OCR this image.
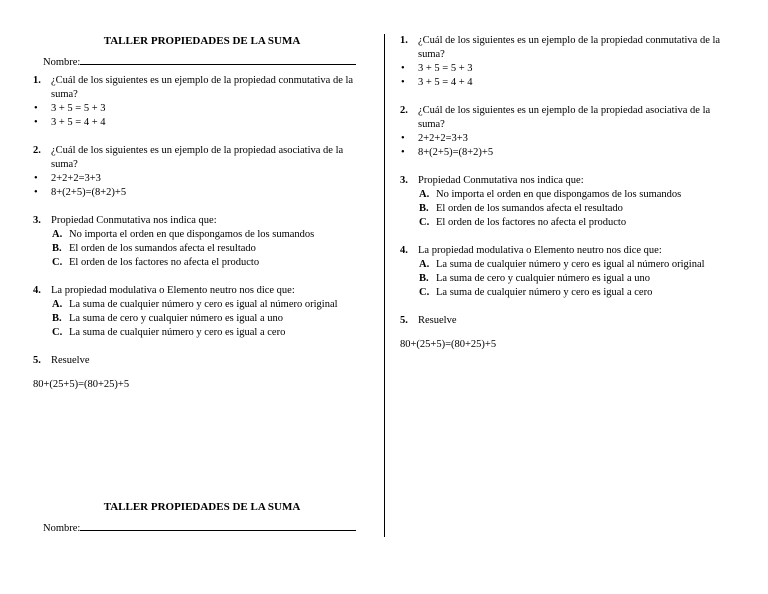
TALLER PROPIEDADES DE LA SUMA
Nombre:
1. ¿Cuál de los siguientes es un ejemplo de la propiedad conmutativa de la suma?
• 3 + 5 = 5 + 3
• 3 + 5 = 4 + 4
2. ¿Cuál de los siguientes es un ejemplo de la propiedad asociativa de la suma?
• 2+2+2=3+3
• 8+(2+5)=(8+2)+5
3. Propiedad Conmutativa nos indica que:
A. No importa el orden en que dispongamos de los sumandos
B. El orden de los sumandos afecta el resultado
C. El orden de los factores no afecta el producto
4. La propiedad modulativa o Elemento neutro nos dice que:
A. La suma de cualquier número y cero es igual al número original
B. La suma de cero y cualquier número es igual a uno
C. La suma de cualquier número y cero es igual a cero
5. Resuelve
80+(25+5)=(80+25)+5
TALLER PROPIEDADES DE LA SUMA
Nombre:
1. ¿Cuál de los siguientes es un ejemplo de la propiedad conmutativa de la suma?
• 3 + 5 = 5 + 3
• 3 + 5 = 4 + 4
2. ¿Cuál de los siguientes es un ejemplo de la propiedad asociativa de la suma?
• 2+2+2=3+3
• 8+(2+5)=(8+2)+5
3. Propiedad Conmutativa nos indica que:
A. No importa el orden en que dispongamos de los sumandos
B. El orden de los sumandos afecta el resultado
C. El orden de los factores no afecta el producto
4. La propiedad modulativa o Elemento neutro nos dice que:
A. La suma de cualquier número y cero es igual al número original
B. La suma de cero y cualquier número es igual a uno
C. La suma de cualquier número y cero es igual a cero
5. Resuelve
80+(25+5)=(80+25)+5
